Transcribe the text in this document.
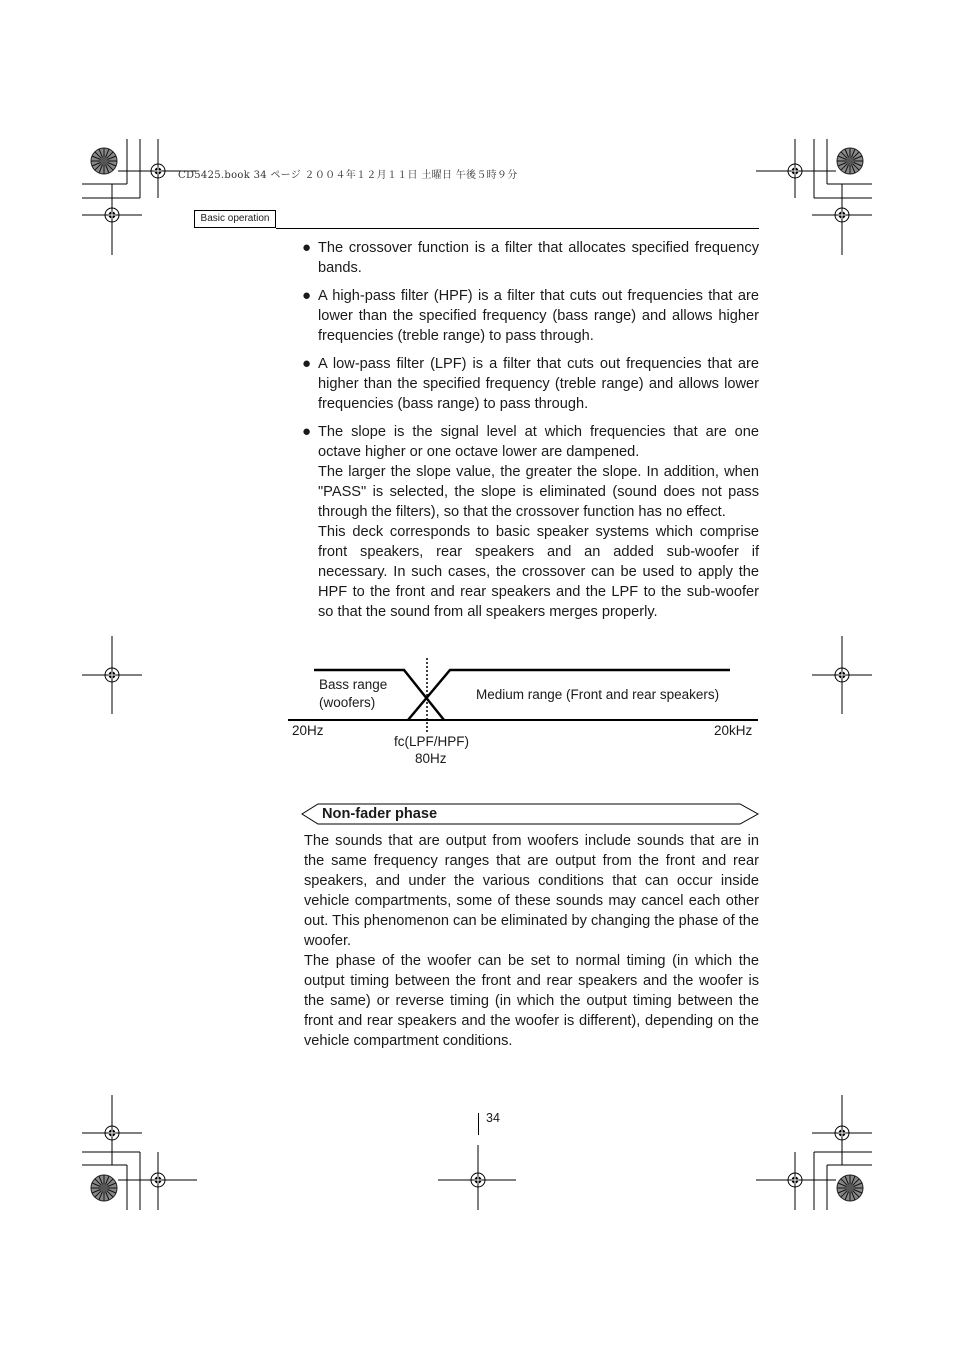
CD5425.book 34 ページ ２００４年１２月１１日 土曜日 午後５時９分
Basic operation
● The crossover function is a filter that allocates specified frequency bands.

● A high-pass filter (HPF) is a filter that cuts out frequencies that are lower than the specified frequency (bass range) and allows higher frequencies (treble range) to pass through.

● A low-pass filter (LPF) is a filter that cuts out frequencies that are higher than the specified frequency (treble range) and allows lower frequencies (bass range) to pass through.

● The slope is the signal level at which frequencies that are one octave higher or one octave lower are dampened.

The larger the slope value, the greater the slope. In addition, when "PASS" is selected, the slope is eliminated (sound does not pass through the filters), so that the crossover function has no effect.

This deck corresponds to basic speaker systems which comprise front speakers, rear speakers and an added sub-woofer if necessary. In such cases, the crossover can be used to apply the HPF to the front and rear speakers and the LPF to the sub-woofer so that the sound from all speakers merges properly.

Bass range
(woofers)
Medium range (Front and rear speakers)
20Hz	20kHz
fc(LPF/HPF)
80Hz
Non-fader phase

The sounds that are output from woofers include sounds that are in the same frequency ranges that are output from the front and rear speakers, and under the various conditions that can occur inside vehicle compartments, some of these sounds may cancel each other out. This phenomenon can be eliminated by changing the phase of the woofer.

The phase of the woofer can be set to normal timing (in which the output timing between the front and rear speakers and the woofer is the same) or reverse timing (in which the output timing between the front and rear speakers and the woofer is different), depending on the vehicle compartment conditions.

34
